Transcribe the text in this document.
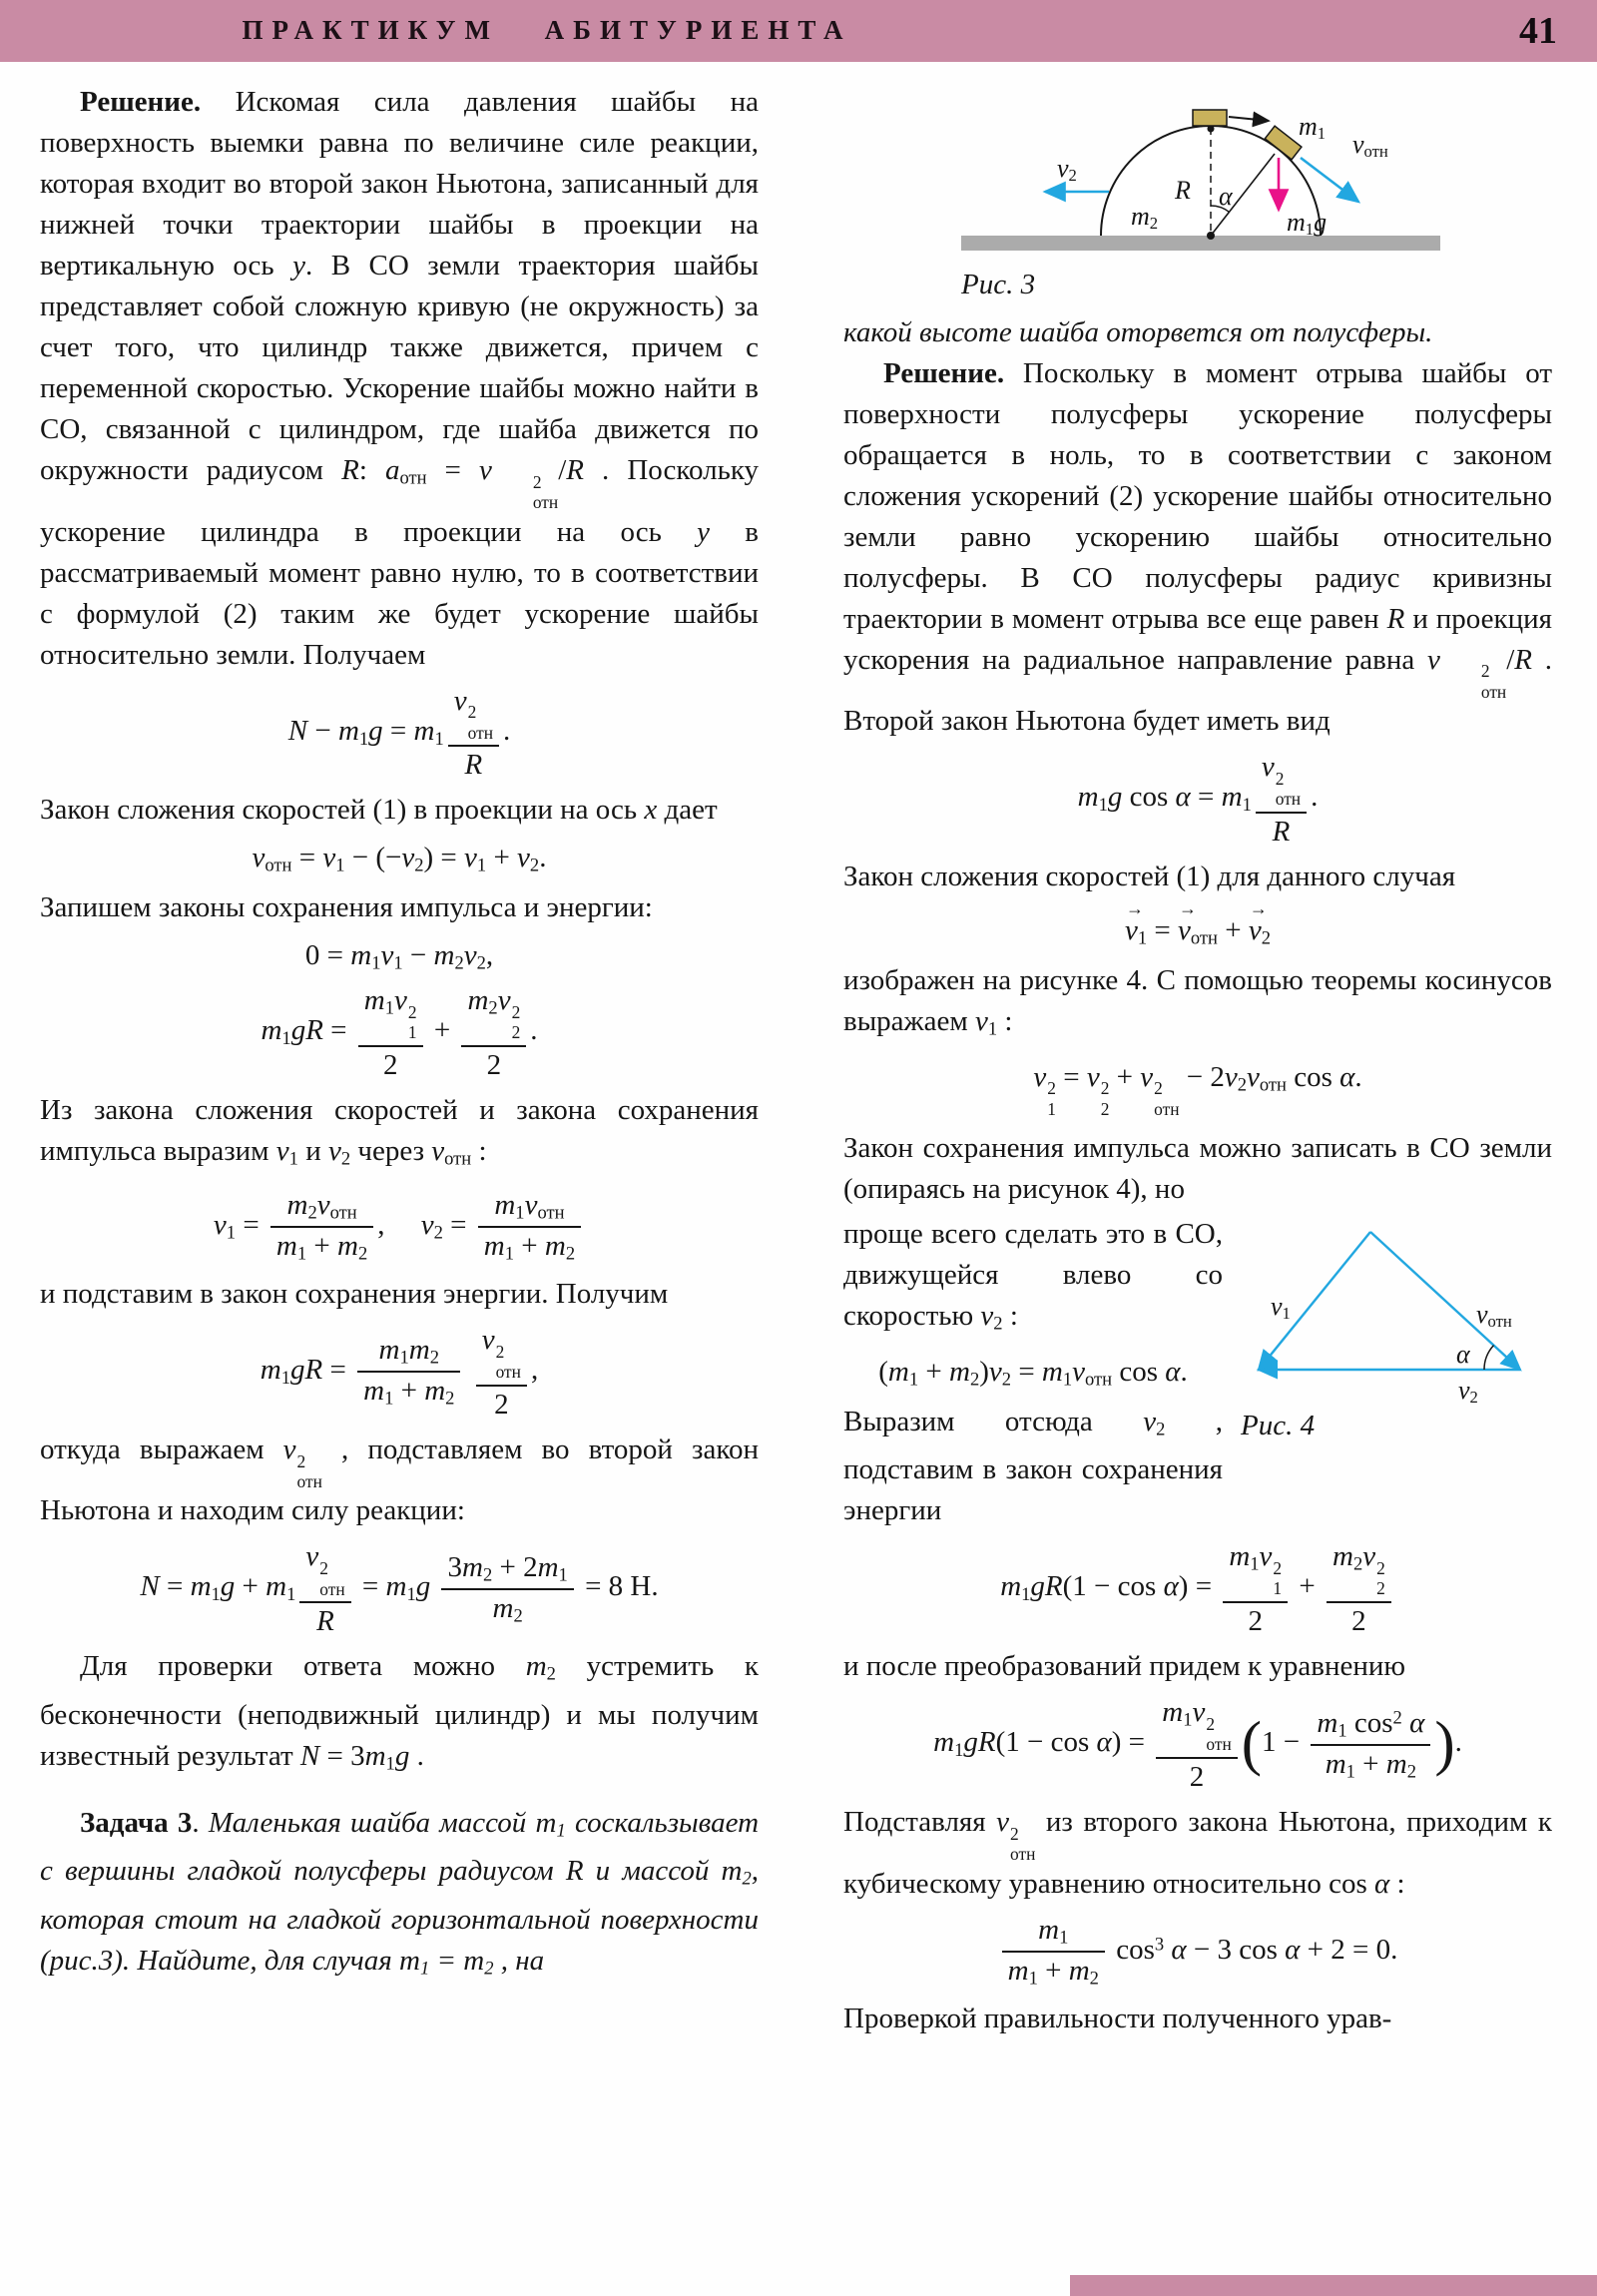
ПРАКТИКУМ АБИТУРИЕНТА	41

Решение. Искомая сила давления шайбы на поверхность выемки равна по величине силе реакции, которая входит во второй закон Ньютона, записанный для нижней точки траектории шайбы в проекции на вертикальную ось y. В СО земли траектория шайбы представляет собой сложную кривую (не окружность) за счет того, что цилиндр также движется, причем с переменной скоростью. Ускорение шайбы можно найти в СО, связанной с цилиндром, где шайба движется по окружности радиусом R: $a_{отн} = v$	2
отн
/R . Поскольку ускорение цилиндра в проекции на ось y в рассматриваемый момент равно нулю, то в соответствии с формулой (2) таким же будет ускорение шайбы относительно земли. Получаем

$N - m_1g = m_1$ v 2
отн
R .

Закон сложения скоростей (1) в проекции на ось x дает

$v_{отн} = v_1 - (-v_2) = v_1 + v_2$.

Запишем законы сохранения импульса и энергии:

$0 = m_1v_1 - m_2v_2$,
$m_1gR = m_1v$ 2
1
$2 + m_2v$ 2
2
2 .

Из закона сложения скоростей и закона сохранения импульса выразим $v_1$ и $v_2$ через $v_{отн}$ :

$v_1 = \frac{m_2v_{отн}}{m_1 + m_2}$ ,     $v_2 = \frac{m_1v_{отн}}{m_1 + m_2}$

и подставим в закон сохранения энергии. Получим

$m_1gR = \frac{m_1m_2}{m_1 + m_2}$
v 2
отн
2 ,

откуда выражаем v 2
отн
, подставляем во второй закон Ньютона и находим силу реакции:

$N = m_1g + m_1$ v 2
отн
$R = m_1g \frac{3m_2 + 2m_1}{m_2} = 8$ Н.

Для проверки ответа можно $m_2$ устремить к бесконечности (неподвижный цилиндр) и мы получим известный результат $N = 3m_1g$ .

Задача 3. Маленькая шайба массой $m_1$ соскальзывает с вершины гладкой полусферы радиусом R и массой $m_2$, которая стоит на гладкой горизонтальной поверхности (рис.3). Найдите, для случая $m_1 = m_2$ , на

$v_2$
$m_2$
R α
$m_1$ $v_{отн}$
$m_1g$
Рис. 3

какой высоте шайба оторвется от полусферы.

Решение. Поскольку в момент отрыва шайбы от поверхности полусферы ускорение полусферы обращается в ноль, то в соответствии с законом сложения ускорений (2) ускорение шайбы относительно земли равно ускорению шайбы относительно полусферы. В СО полусферы радиус кривизны траектории в момент отрыва все еще равен R и проекция ускорения на радиальное направление равна v	2
отн
/R . Второй закон Ньютона будет иметь вид

$m_1g$ $\cos \alpha = m_1$ v 2
отн
R .

Закон сложения скоростей (1) для данного случая

$v \to_1 = v \to_{отн} + v \to_2$

изображен на рисунке 4. С помощью теоремы косинусов выражаем $v_1$ :

v 2
1
= v 2
2
+ v 2
отн
− $2v_2v_{отн}$ cos α.

Закон сохранения импульса можно записать в СО земли (опираясь на рисунок 4), но

проще всего сделать это в СО, движущейся влево со скоростью $v_2$ :

$(m_1 + m_2)v_2 = m_1v_{отн}$ cos α.

Выразим отсюда $v_2$ , подставим в закон сохранения энергии

$v_1$	$v_{отн}$
α
$v_2$
Рис. 4
$m_1gR(1 - \cos \alpha) = m_1v$ 2
1
$2 + m_2v$ 2
2
2

и после преобразований придем к уравнению

$m_1gR(1 - \cos \alpha) = m_1v$ 2
отн
2 ($1 - \frac{m_1 \cos^2 \alpha}{m_1 + m_2}$ ).

Подставляя v 2
отн
из второго закона Ньютона, приходим к кубическому уравнению относительно cos α :

$\frac{m_1}{m_1 + m_2} \cos^3 \alpha - 3$ cos α + 2 = 0.

Проверкой правильности полученного урав-
